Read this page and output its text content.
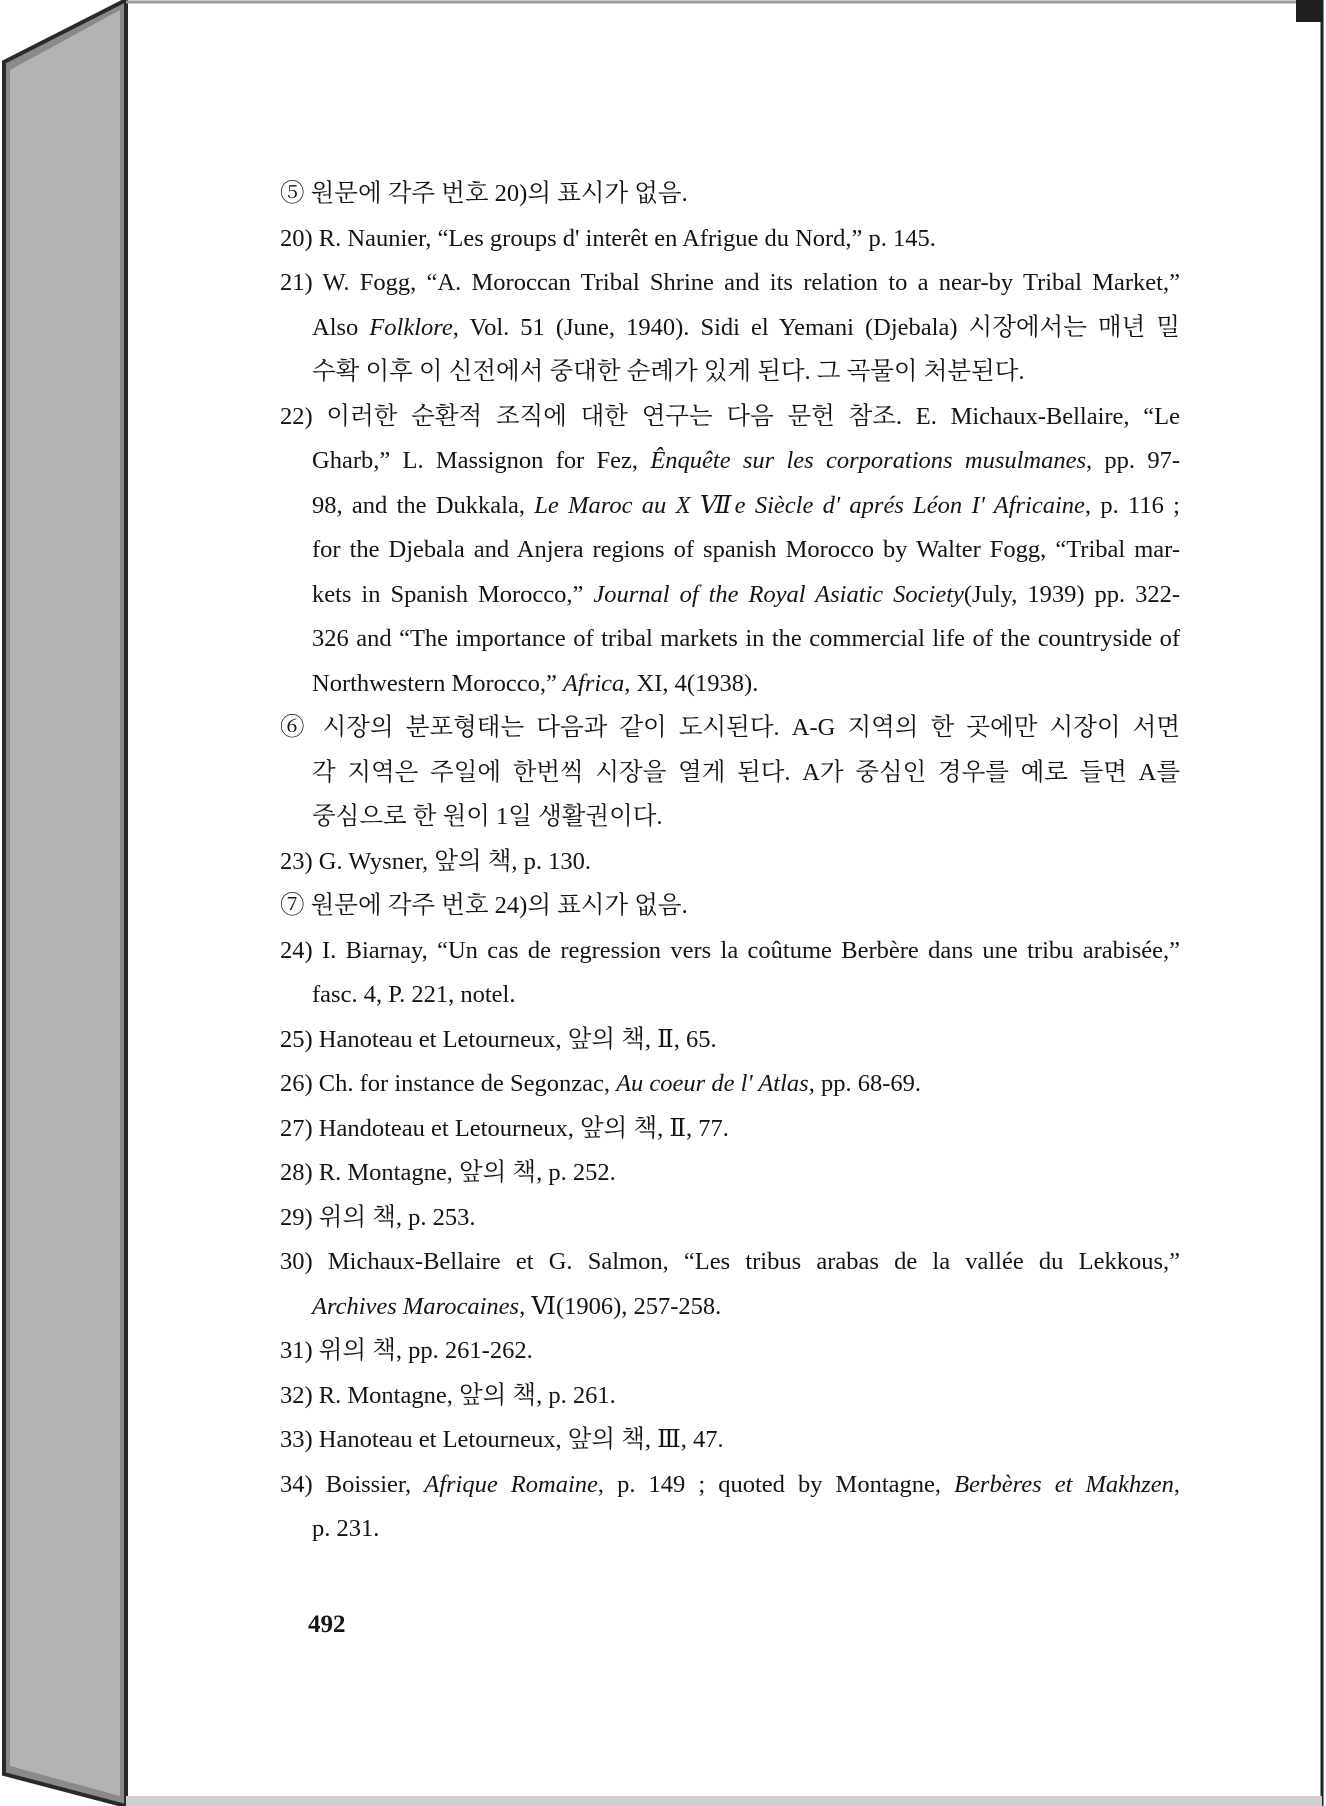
⑤ 원문에 각주 번호 20)의 표시가 없음.
20) R. Naunier, “Les groups d' interêt en Afrigue du Nord,” p. 145.
21) W. Fogg, “A. Moroccan Tribal Shrine and its relation to a near-by Tribal Market,”
Also Folklore, Vol. 51 (June, 1940). Sidi el Yemani (Djebala) 시장에서는 매년 밀
수확 이후 이 신전에서 중대한 순례가 있게 된다. 그 곡물이 처분된다.
22) 이러한 순환적 조직에 대한 연구는 다음 문헌 참조. E. Michaux-Bellaire, “Le
Gharb,” L. Massignon for Fez, Ênquête sur les corporations musulmanes, pp. 97-
98, and the Dukkala, Le Maroc au X Ⅶe Siècle d' aprés Léon I' Africaine, p. 116 ;
for the Djebala and Anjera regions of spanish Morocco by Walter Fogg, “Tribal mar-
kets in Spanish Morocco,” Journal of the Royal Asiatic Society(July, 1939) pp. 322-
326 and “The importance of tribal markets in the commercial life of the countryside of
Northwestern Morocco,” Africa, XI, 4(1938).
⑥ 시장의 분포형태는 다음과 같이 도시된다. A-G 지역의 한 곳에만 시장이 서면
각 지역은 주일에 한번씩 시장을 열게 된다. A가 중심인 경우를 예로 들면 A를
중심으로 한 원이 1일 생활권이다.
23) G. Wysner, 앞의 책, p. 130.
⑦ 원문에 각주 번호 24)의 표시가 없음.
24) I. Biarnay, “Un cas de regression vers la coûtume Berbère dans une tribu arabisée,”
fasc. 4, P. 221, notel.
25) Hanoteau et Letourneux, 앞의 책, Ⅱ, 65.
26) Ch. for instance de Segonzac, Au coeur de l' Atlas, pp. 68-69.
27) Handoteau et Letourneux, 앞의 책, Ⅱ, 77.
28) R. Montagne, 앞의 책, p. 252.
29) 위의 책, p. 253.
30) Michaux-Bellaire et G. Salmon, “Les tribus arabas de la vallée du Lekkous,”
Archives Marocaines, Ⅵ(1906), 257-258.
31) 위의 책, pp. 261-262.
32) R. Montagne, 앞의 책, p. 261.
33) Hanoteau et Letourneux, 앞의 책, Ⅲ, 47.
34) Boissier, Afrique Romaine, p. 149 ; quoted by Montagne, Berbères et Makhzen,
p. 231.
492
